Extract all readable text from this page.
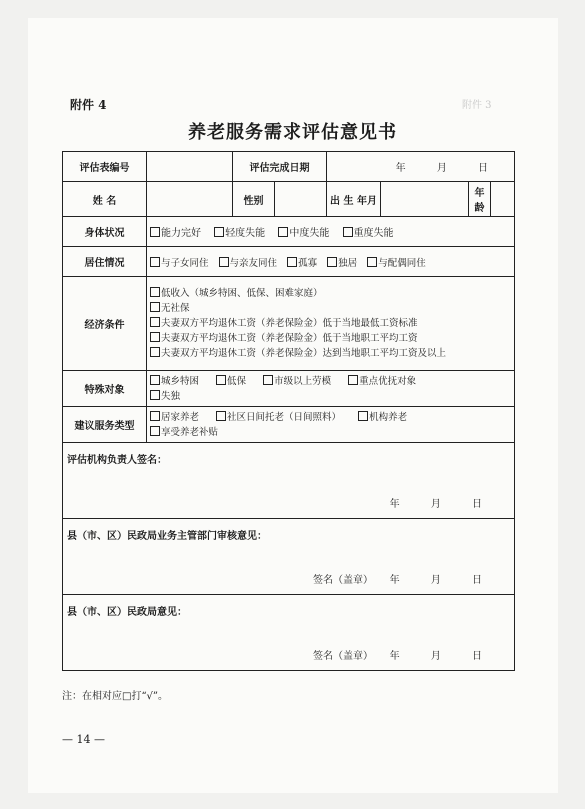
附件 3
附件 4
养老服务需求评估意见书
评估表编号		评估完成日期		年 月 日			
姓 名		性别		出 生 年月		年 龄	
身体状况	能力完好 轻度失能 中度失能 重度失能						
居住情况	与子女同住 与亲友同住 孤寡 独居 与配偶同住						
经济条件	低收入（城乡特困、低保、困难家庭）
无社保
夫妻双方平均退休工资（养老保险金）低于当地最低工资标准
夫妻双方平均退休工资（养老保险金）低于当地职工平均工资
夫妻双方平均退休工资（养老保险金）达到当地职工平均工资及以上						

特殊对象	城乡特困 低保 市级以上劳模 重点优抚对象
失独						

建议服务类型	居家养老 社区日间托老（日间照料） 机构养老
享受养老补贴						

评估机构负责人签名：
年 月 日							

县（市、区）民政局业务主管部门审核意见：
签名（盖章） 年 月 日							

县（市、区）民政局意见：
签名（盖章） 年 月 日							
注：在相对应□打“√”。
— 14 —
